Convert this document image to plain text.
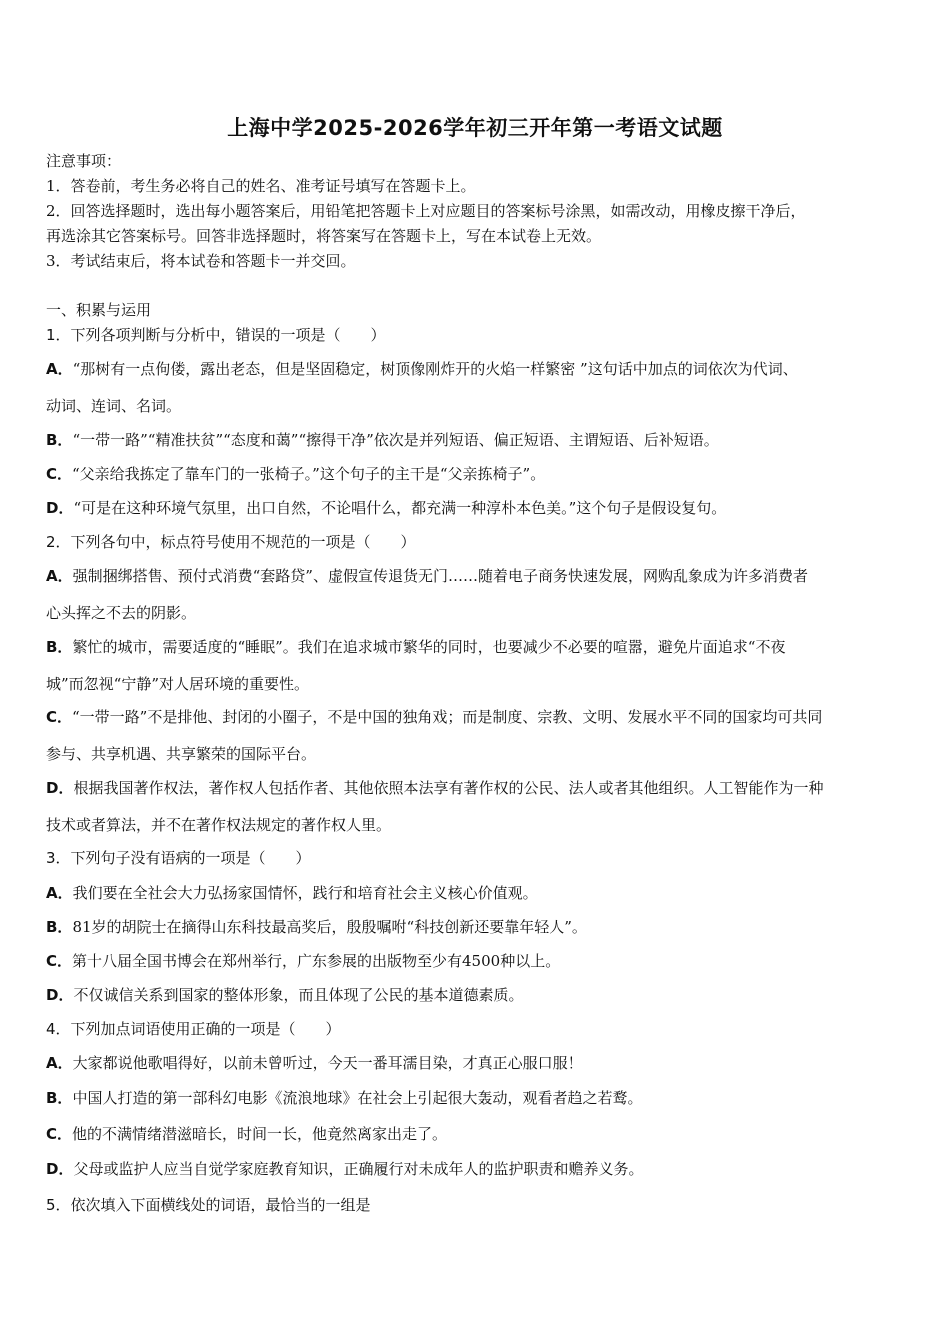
上海中学2025-2026学年初三开年第一考语文试题
注意事项：
1．答卷前，考生务必将自己的姓名、准考证号填写在答题卡上。
2．回答选择题时，选出每小题答案后，用铅笔把答题卡上对应题目的答案标号涂黑，如需改动，用橡皮擦干净后，
再选涂其它答案标号。回答非选择题时，将答案写在答题卡上，写在本试卷上无效。
3．考试结束后，将本试卷和答题卡一并交回。
一、积累与运用
1．下列各项判断与分析中，错误的一项是（　　）
A．“那树有一点佝偻，露出老态，但是坚固稳定，树顶像刚炸开的火焰一样繁密 ”这句话中加点的词依次为代词、
动词、连词、名词。
B．“一带一路”“精准扶贫”“态度和蔼”“擦得干净”依次是并列短语、偏正短语、主谓短语、后补短语。
C．“父亲给我拣定了靠车门的一张椅子。”这个句子的主干是“父亲拣椅子”。
D．“可是在这种环境气氛里，出口自然，不论唱什么，都充满一种淳朴本色美。”这个句子是假设复句。
2．下列各句中，标点符号使用不规范的一项是（　　）
A．强制捆绑搭售、预付式消费“套路贷”、虚假宣传退货无门……随着电子商务快速发展，网购乱象成为许多消费者
心头挥之不去的阴影。
B．繁忙的城市，需要适度的“睡眠”。我们在追求城市繁华的同时，也要减少不必要的喧嚣，避免片面追求“不夜
城”而忽视“宁静”对人居环境的重要性。
C．“一带一路”不是排他、封闭的小圈子，不是中国的独角戏；而是制度、宗教、文明、发展水平不同的国家均可共同
参与、共享机遇、共享繁荣的国际平台。
D．根据我国著作权法，著作权人包括作者、其他依照本法享有著作权的公民、法人或者其他组织。人工智能作为一种
技术或者算法，并不在著作权法规定的著作权人里。
3．下列句子没有语病的一项是（　　）
A．我们要在全社会大力弘扬家国情怀，践行和培育社会主义核心价值观。
B．81岁的胡院士在摘得山东科技最高奖后，殷殷嘱咐“科技创新还要靠年轻人”。
C．第十八届全国书博会在郑州举行，广东参展的出版物至少有4500种以上。
D．不仅诚信关系到国家的整体形象，而且体现了公民的基本道德素质。
4．下列加点词语使用正确的一项是（　　）
A．大家都说他歌唱得好，以前未曾听过，今天一番耳濡目染，才真正心服口服！
B．中国人打造的第一部科幻电影《流浪地球》在社会上引起很大轰动，观看者趋之若鹜。
C．他的不满情绪潜滋暗长，时间一长，他竟然离家出走了。
D．父母或监护人应当自觉学家庭教育知识，正确履行对未成年人的监护职责和赡养义务。
5．依次填入下面横线处的词语，最恰当的一组是
